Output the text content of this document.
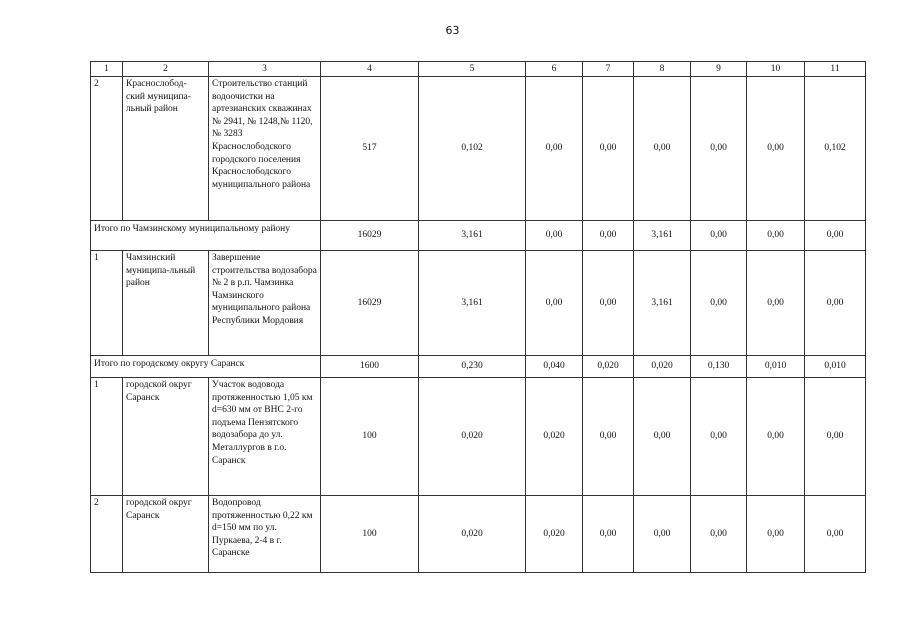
63
1	2	3	4	5	6	7	8	9	10	11
2	Краснослобод-ский муниципа-льный район	Строительство станций водоочистки на артезианских скважинах № 2941, № 1248,№ 1120, № 3283 Краснослободского городского поселения Краснослободского муниципального района	517	0,102	0,00	0,00	0,00	0,00	0,00	0,102
Итого по Чамзинскому муниципальному району			16029	3,161	0,00	0,00	3,161	0,00	0,00	0,00
1	Чамзинский муниципа-льный район	Завершение строительства водозабора № 2 в р.п. Чамзинка Чамзинского муниципального района Республики Мордовия	16029	3,161	0,00	0,00	3,161	0,00	0,00	0,00
Итого по городскому округу Саранск			1600	0,230	0,040	0,020	0,020	0,130	0,010	0,010
1	городской округ Саранск	Участок водовода протяженностью 1,05 км d=630 мм от ВНС 2-го подъема Пензятского водозабора до ул. Металлургов в г.о. Саранск	100	0,020	0,020	0,00	0,00	0,00	0,00	0,00
2	городской округ Саранск	Водопровод протяженностью 0,22 км d=150 мм по ул. Пуркаева, 2-4 в г. Саранске	100	0,020	0,020	0,00	0,00	0,00	0,00	0,00
